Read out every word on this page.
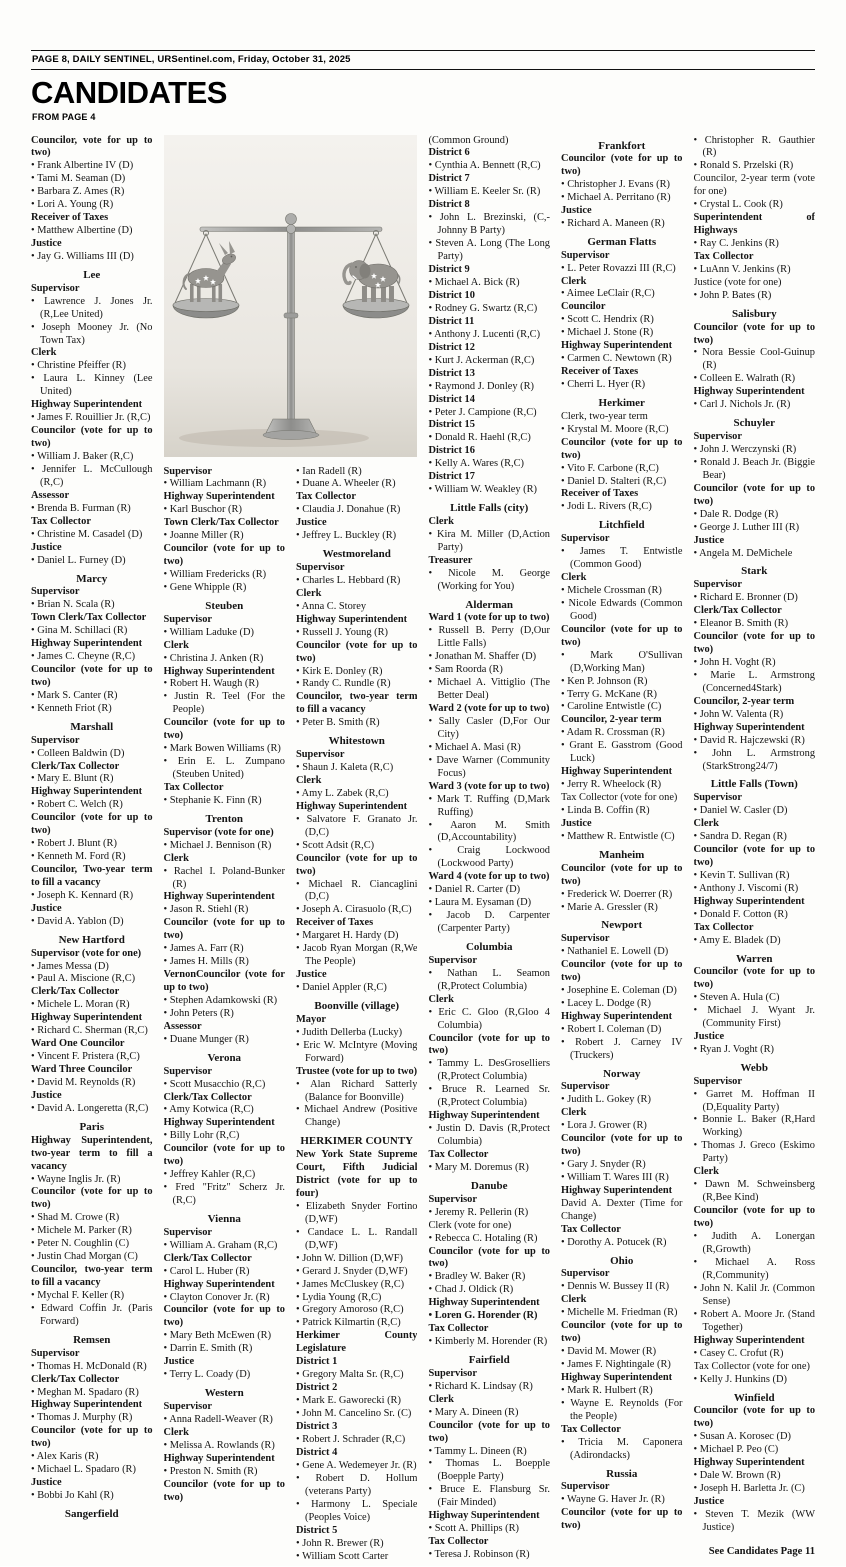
PAGE 8, DAILY SENTINEL, URSentinel.com, Friday, October 31, 2025
CANDIDATES
FROM PAGE 4
Councilor, vote for up to two)
• Frank Albertine IV (D)
• Tami M. Seaman (D)
• Barbara Z. Ames (R)
• Lori A. Young (R)
Receiver of Taxes
• Matthew Albertine (D)
Justice
• Jay G. Williams III (D)
Lee
Supervisor
• Lawrence J. Jones Jr. (R,Lee United)
• Joseph Mooney Jr. (No Town Tax)
Clerk
• Christine Pfeiffer (R)
• Laura L. Kinney (Lee United)
Highway Superintendent
• James F. Rouillier Jr. (R,C)
Councilor (vote for up to two)
• William J. Baker (R,C)
• Jennifer L. McCullough (R,C)
Assessor
• Brenda B. Furman (R)
Tax Collector
• Christine M. Casadel (D)
Justice
• Daniel L. Furney (D)
Marcy
Supervisor
• Brian N. Scala (R)
Town Clerk/Tax Collector
• Gina M. Schillaci (R)
Highway Superintendent
• James C. Cheyne (R,C)
Councilor (vote for up to two)
• Mark S. Canter (R)
• Kenneth Friot (R)
Marshall
Supervisor
• Colleen Baldwin (D)
Clerk/Tax Collector
• Mary E. Blunt (R)
Highway Superintendent
• Robert C. Welch (R)
Councilor (vote for up to two)
• Robert J. Blunt (R)
• Kenneth M. Ford (R)
Councilor, Two-year term to fill a vacancy
• Joseph K. Kennard (R)
Justice
• David A. Yablon (D)
New Hartford
Supervisor (vote for one)
• James Messa (D)
• Paul A. Miscione (R,C)
Clerk/Tax Collector
• Michele L. Moran (R)
Highway Superintendent
• Richard C. Sherman (R,C)
Ward One Councilor
• Vincent F. Pristera (R,C)
Ward Three Councilor
• David M. Reynolds (R)
Justice
• David A. Longeretta (R,C)
Paris
Highway Superintendent, two-year term to fill a vacancy
• Wayne Inglis Jr. (R)
Councilor (vote for up to two)
• Shad M. Crowe (R)
• Michele M. Parker (R)
• Peter N. Coughlin (C)
• Justin Chad Morgan (C)
Councilor, two-year term to fill a vacancy
• Mychal F. Keller (R)
• Edward Coffin Jr. (Paris Forward)
Remsen
Supervisor
• Thomas H. McDonald (R)
Clerk/Tax Collector
• Meghan M. Spadaro (R)
Highway Superintendent
• Thomas J. Murphy (R)
Councilor (vote for up to two)
• Alex Karis (R)
• Michael L. Spadaro (R)
Justice
• Bobbi Jo Kahl (R)
Sangerfield
Supervisor
• William Lachmann (R)
Highway Superintendent
• Karl Buschor (R)
Town Clerk/Tax Collector
• Joanne Miller (R)
Councilor (vote for up to two)
• William Fredericks (R)
• Gene Whipple (R)
Steuben
Supervisor
• William Laduke (D)
Clerk
• Christina J. Anken (R)
Highway Superintendent
• Robert H. Waugh (R)
• Justin R. Teel (For the People)
Councilor (vote for up to two)
• Mark Bowen Williams (R)
• Erin E. L. Zumpano (Steuben United)
Tax Collector
• Stephanie K. Finn (R)
Trenton
Supervisor (vote for one)
• Michael J. Bennison (R)
Clerk
• Rachel I. Poland-Bunker (R)
Highway Superintendent
• Jason R. Stiehl (R)
Councilor (vote for up to two)
• James A. Farr (R)
• James H. Mills (R)
VernonCouncilor (vote for up to two)
• Stephen Adamkowski (R)
• John Peters (R)
Assessor
• Duane Munger (R)
Verona
Supervisor
• Scott Musacchio (R,C)
Clerk/Tax Collector
• Amy Kotwica (R,C)
Highway Superintendent
• Billy Lohr (R,C)
Councilor (vote for up to two)
• Jeffrey Kahler (R,C)
• Fred "Fritz" Scherz Jr. (R,C)
Vienna
Supervisor
• William A. Graham (R,C)
Clerk/Tax Collector
• Carol L. Huber (R)
Highway Superintendent
• Clayton Conover Jr. (R)
Councilor (vote for up to two)
• Mary Beth McEwen (R)
• Darrin E. Smith (R)
Justice
• Terry L. Coady (D)
Western
Supervisor
• Anna Radell-Weaver (R)
Clerk
• Melissa A. Rowlands (R)
Highway Superintendent
• Preston N. Smith (R)
Councilor (vote for up to two)
• Ian Radell (R)
• Duane A. Wheeler (R)
Tax Collector
• Claudia J. Donahue (R)
Justice
• Jeffrey L. Buckley (R)
Westmoreland
Supervisor
• Charles L. Hebbard (R)
Clerk
• Anna C. Storey
Highway Superintendent
• Russell J. Young (R)
Councilor (vote for up to two)
• Kirk E. Donley (R)
• Randy C. Rundle (R)
Councilor, two-year term to fill a vacancy
• Peter B. Smith (R)
Whitestown
Supervisor
• Shaun J. Kaleta (R,C)
Clerk
• Amy L. Zabek (R,C)
Highway Superintendent
• Salvatore F. Granato Jr. (D,C)
• Scott Adsit (R,C)
Councilor (vote for up to two)
• Michael R. Ciancaglini (D,C)
• Joseph A. Cirasuolo (R,C)
Receiver of Taxes
• Margaret H. Hardy (D)
• Jacob Ryan Morgan (R,We The People)
Justice
• Daniel Appler (R,C)
Boonville (village)
Mayor
• Judith Dellerba (Lucky)
• Eric W. McIntyre (Moving Forward)
Trustee (vote for up to two)
• Alan Richard Satterly (Balance for Boonville)
• Michael Andrew (Positive Change)
HERKIMER COUNTY
New York State Supreme Court, Fifth Judicial District (vote for up to four)
• Elizabeth Snyder Fortino (D,WF)
• Candace L. L. Randall (D,WF)
• John W. Dillion (D,WF)
• Gerard J. Snyder (D,WF)
• James McCluskey (R,C)
• Lydia Young (R,C)
• Gregory Amoroso (R,C)
• Patrick Kilmartin (R,C)
Herkimer County Legislature
District 1
• Gregory Malta Sr. (R,C)
District 2
• Mark E. Gaworecki (R)
• John M. Cancelino Sr. (C)
District 3
• Robert J. Schrader (R,C)
District 4
• Gene A. Wedemeyer Jr. (R)
• Robert D. Hollum (veterans Party)
• Harmony L. Speciale (Peoples Voice)
District 5
• John R. Brewer (R)
• William Scott Carter
(Common Ground)
District 6
• Cynthia A. Bennett (R,C)
District 7
• William E. Keeler Sr. (R)
District 8
• John L. Brezinski, (C,-Johnny B Party)
• Steven A. Long (The Long Party)
District 9
• Michael A. Bick (R)
District 10
• Rodney G. Swartz (R,C)
District 11
• Anthony J. Lucenti (R,C)
District 12
• Kurt J. Ackerman (R,C)
District 13
• Raymond J. Donley (R)
District 14
• Peter J. Campione (R,C)
District 15
• Donald R. Haehl (R,C)
District 16
• Kelly A. Wares (R,C)
District 17
• William W. Weakley (R)
Little Falls (city)
Clerk
• Kira M. Miller (D,Action Party)
Treasurer
• Nicole M. George (Working for You)
Alderman
Ward 1 (vote for up to two)
• Russell B. Perry (D,Our Little Falls)
• Jonathan M. Shaffer (D)
• Sam Roorda (R)
• Michael A. Vittiglio (The Better Deal)
Ward 2 (vote for up to two)
• Sally Casler (D,For Our City)
• Michael A. Masi (R)
• Dave Warner (Community Focus)
Ward 3 (vote for up to two)
• Mark T. Ruffing (D,Mark Ruffing)
• Aaron M. Smith (D,Accountability)
• Craig Lockwood (Lockwood Party)
Ward 4 (vote for up to two)
• Daniel R. Carter (D)
• Laura M. Eysaman (D)
• Jacob D. Carpenter (Carpenter Party)
Columbia
Supervisor
• Nathan L. Seamon (R,Protect Columbia)
Clerk
• Eric C. Gloo (R,Gloo 4 Columbia)
Councilor (vote for up to two)
• Tammy L. DesGroselliers (R,Protect Columbia)
• Bruce R. Learned Sr. (R,Protect Columbia)
Highway Superintendent
• Justin D. Davis (R,Protect Columbia)
Tax Collector
• Mary M. Doremus (R)
Danube
Supervisor
• Jeremy R. Pellerin (R)
Clerk (vote for one)
• Rebecca C. Hotaling (R)
Councilor (vote for up to two)
• Bradley W. Baker (R)
• Chad J. Oldick (R)
Highway Superintendent
• Loren G. Horender (R)
Tax Collector
• Kimberly M. Horender (R)
Fairfield
Supervisor
• Richard K. Lindsay (R)
Clerk
• Mary A. Dineen (R)
Councilor (vote for up to two)
• Tammy L. Dineen (R)
• Thomas L. Boepple (Boepple Party)
• Bruce E. Flansburg Sr. (Fair Minded)
Highway Superintendent
• Scott A. Phillips (R)
Tax Collector
• Teresa J. Robinson (R)
Frankfort
Councilor (vote for up to two)
• Christopher J. Evans (R)
• Michael A. Perritano (R)
Justice
• Richard A. Maneen (R)
German Flatts
Supervisor
• L. Peter Rovazzi III (R,C)
Clerk
• Aimee LeClair (R,C)
Councilor
• Scott C. Hendrix (R)
• Michael J. Stone (R)
Highway Superintendent
• Carmen C. Newtown (R)
Receiver of Taxes
• Cherri L. Hyer (R)
Herkimer
Clerk, two-year term
• Krystal M. Moore (R,C)
Councilor (vote for up to two)
• Vito F. Carbone (R,C)
• Daniel D. Stalteri (R,C)
Receiver of Taxes
• Jodi L. Rivers (R,C)
Litchfield
Supervisor
• James T. Entwistle (Common Good)
Clerk
• Michele Crossman (R)
• Nicole Edwards (Common Good)
Councilor (vote for up to two)
• Mark O'Sullivan (D,Working Man)
• Ken P. Johnson (R)
• Terry G. McKane (R)
• Caroline Entwistle (C)
Councilor, 2-year term
• Adam R. Crossman (R)
• Grant E. Gasstrom (Good Luck)
Highway Superintendent
• Jerry R. Wheelock (R)
Tax Collector (vote for one)
• Linda B. Coffin (R)
Justice
• Matthew R. Entwistle (C)
Manheim
Councilor (vote for up to two)
• Frederick W. Doerrer (R)
• Marie A. Gressler (R)
Newport
Supervisor
• Nathaniel E. Lowell (D)
Councilor (vote for up to two)
• Josephine E. Coleman (D)
• Lacey L. Dodge (R)
Highway Superintendent
• Robert I. Coleman (D)
• Robert J. Carney IV (Truckers)
Norway
Supervisor
• Judith L. Gokey (R)
Clerk
• Lora J. Grower (R)
Councilor (vote for up to two)
• Gary J. Snyder (R)
• William T. Wares III (R)
Highway Superintendent
David A. Dexter (Time for Change)
Tax Collector
• Dorothy A. Potucek (R)
Ohio
Supervisor
• Dennis W. Bussey II (R)
Clerk
• Michelle M. Friedman (R)
Councilor (vote for up to two)
• David M. Mower (R)
• James F. Nightingale (R)
Highway Superintendent
• Mark R. Hulbert (R)
• Wayne E. Reynolds (For the People)
Tax Collector
• Tricia M. Caponera (Adirondacks)
Russia
Supervisor
• Wayne G. Haver Jr. (R)
Councilor (vote for up to two)
• Christopher R. Gauthier (R)
• Ronald S. Przelski (R)
Councilor, 2-year term (vote for one)
• Crystal L. Cook (R)
Superintendent of Highways
• Ray C. Jenkins (R)
Tax Collector
• LuAnn V. Jenkins (R)
Justice (vote for one)
• John P. Bates (R)
Salisbury
Councilor (vote for up to two)
• Nora Bessie Cool-Guinup (R)
• Colleen E. Walrath (R)
Highway Superintendent
• Carl J. Nichols Jr. (R)
Schuyler
Supervisor
• John J. Werczynski (R)
• Ronald J. Beach Jr. (Biggie Bear)
Councilor (vote for up to two)
• Dale R. Dodge (R)
• George J. Luther III (R)
Justice
• Angela M. DeMichele
Stark
Supervisor
• Richard E. Bronner (D)
Clerk/Tax Collector
• Eleanor B. Smith (R)
Councilor (vote for up to two)
• John H. Voght (R)
• Marie L. Armstrong (Concerned4Stark)
Councilor, 2-year term
• John W. Valenta (R)
Highway Superintendent
• David R. Hajczewski (R)
• John L. Armstrong (StarkStrong24/7)
Little Falls (Town)
Supervisor
• Daniel W. Casler (D)
Clerk
• Sandra D. Regan (R)
Councilor (vote for up to two)
• Kevin T. Sullivan (R)
• Anthony J. Viscomi (R)
Highway Superintendent
• Donald F. Cotton (R)
Tax Collector
• Amy E. Bladek (D)
Warren
Councilor (vote for up to two)
• Steven A. Hula (C)
• Michael J. Wyant Jr. (Community First)
Justice
• Ryan J. Voght (R)
Webb
Supervisor
• Garret M. Hoffman II (D,Equality Party)
• Bonnie L. Baker (R,Hard Working)
• Thomas J. Greco (Eskimo Party)
Clerk
• Dawn M. Schweinsberg (R,Bee Kind)
Councilor (vote for up to two)
• Judith A. Lonergan (R,Growth)
• Michael A. Ross (R,Community)
• John N. Kalil Jr. (Common Sense)
• Robert A. Moore Jr. (Stand Together)
Highway Superintendent
• Casey C. Crofut (R)
Tax Collector (vote for one)
• Kelly J. Hunkins (D)
Winfield
Councilor (vote for up to two)
• Susan A. Korosec (D)
• Michael P. Peo (C)
Highway Superintendent
• Dale W. Brown (R)
• Joseph H. Barletta Jr. (C)
Justice
• Steven T. Mezik (WW Justice)
See Candidates Page 11
